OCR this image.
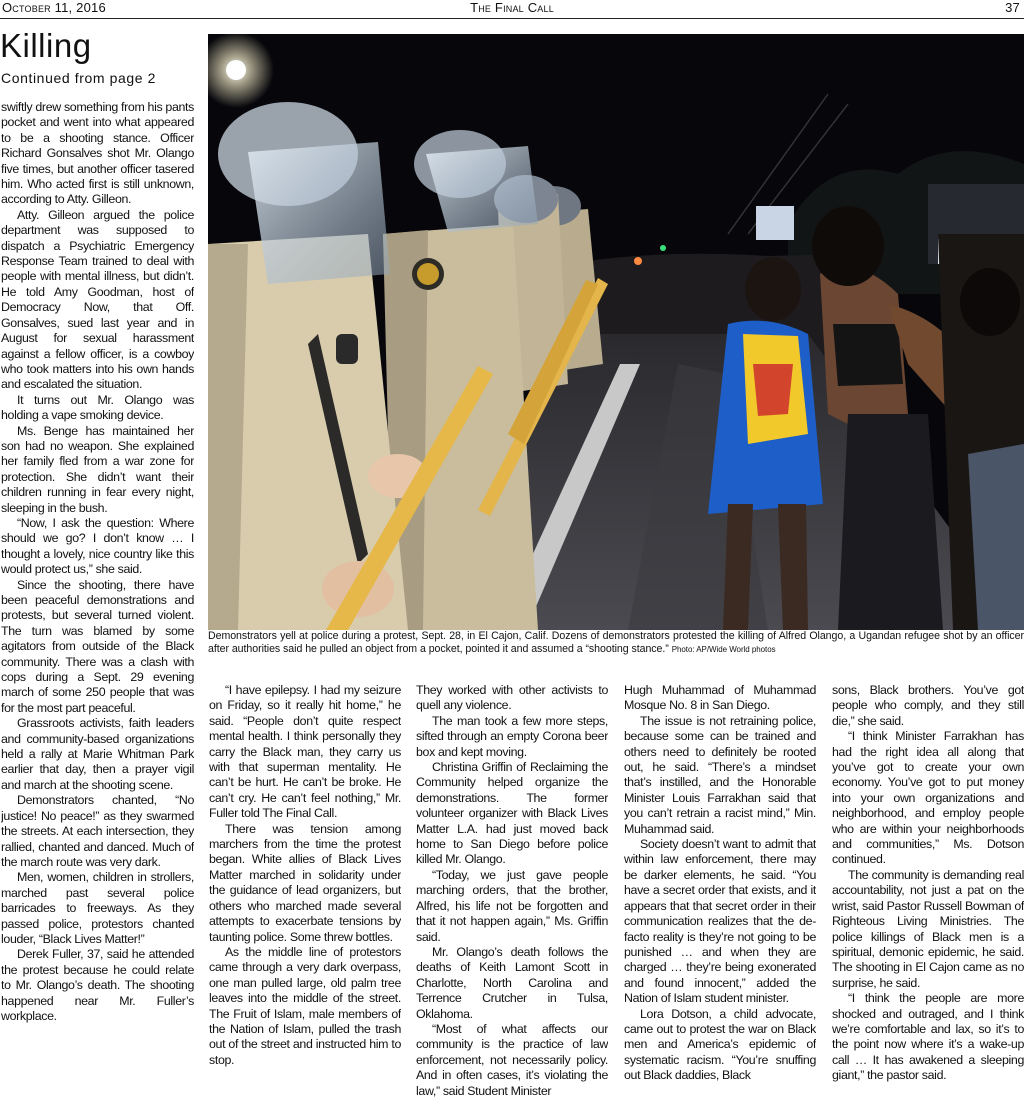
October 11, 2016	The Final Call	37
Killing
Continued from page 2

swiftly drew something from his pants pocket and went into what appeared to be a shooting stance. Officer Richard Gonsalves shot Mr. Olango five times, but another officer tasered him. Who acted first is still unknown, according to Atty. Gilleon.

Atty. Gilleon argued the police department was supposed to dispatch a Psychiatric Emergency Response Team trained to deal with people with mental illness, but didn’t. He told Amy Goodman, host of Democracy Now, that Off. Gonsalves, sued last year and in August for sexual harassment against a fellow officer, is a cowboy who took matters into his own hands and escalated the situation.

It turns out Mr. Olango was holding a vape smoking device.

Ms. Benge has maintained her son had no weapon. She explained her family fled from a war zone for protection. She didn’t want their children running in fear every night, sleeping in the bush.

“Now, I ask the question: Where should we go? I don’t know … I thought a lovely, nice country like this would protect us,” she said.

Since the shooting, there have been peaceful demonstrations and protests, but several turned violent. The turn was blamed by some agitators from outside of the Black community. There was a clash with cops during a Sept. 29 evening march of some 250 people that was for the most part peaceful.

Grassroots activists, faith leaders and community-based organizations held a rally at Marie Whitman Park earlier that day, then a prayer vigil and march at the shooting scene.

Demonstrators chanted, “No justice! No peace!” as they swarmed the streets. At each intersection, they rallied, chanted and danced. Much of the march route was very dark.

Men, women, children in strollers, marched past several police barricades to freeways. As they passed police, protestors chanted louder, “Black Lives Matter!”

Derek Fuller, 37, said he attended the protest because he could relate to Mr. Olango’s death. The shooting happened near Mr. Fuller’s workplace.

Demonstrators yell at police during a protest, Sept. 28, in El Cajon, Calif. Dozens of demonstrators protested the killing of Alfred Olango, a Ugandan refugee shot by an officer after authorities said he pulled an object from a pocket, pointed it and assumed a “shooting stance.” Photo: AP/Wide World photos

“I have epilepsy. I had my seizure on Friday, so it really hit home,” he said. “People don’t quite respect mental health. I think personally they carry the Black man, they carry us with that superman mentality. He can’t be hurt. He can’t be broke. He can’t cry. He can’t feel nothing,” Mr. Fuller told The Final Call.

There was tension among marchers from the time the protest began. White allies of Black Lives Matter marched in solidarity under the guidance of lead organizers, but others who marched made several attempts to exacerbate tensions by taunting police. Some threw bottles.

As the middle line of protestors came through a very dark overpass, one man pulled large, old palm tree leaves into the middle of the street. The Fruit of Islam, male members of the Nation of Islam, pulled the trash out of the street and instructed him to stop.

They worked with other activists to quell any violence.

The man took a few more steps, sifted through an empty Corona beer box and kept moving.

Christina Griffin of Reclaiming the Community helped organize the demonstrations. The former volunteer organizer with Black Lives Matter L.A. had just moved back home to San Diego before police killed Mr. Olango.

“Today, we just gave people marching orders, that the brother, Alfred, his life not be forgotten and that it not happen again,” Ms. Griffin said.

Mr. Olango’s death follows the deaths of Keith Lamont Scott in Charlotte, North Carolina and Terrence Crutcher in Tulsa, Oklahoma.

“Most of what affects our community is the practice of law enforcement, not necessarily policy. And in often cases, it’s violating the law,” said Student Minister

Hugh Muhammad of Muhammad Mosque No. 8 in San Diego.

The issue is not retraining police, because some can be trained and others need to definitely be rooted out, he said. “There’s a mindset that’s instilled, and the Honorable Minister Louis Farrakhan said that you can’t retrain a racist mind,” Min. Muhammad said.

Society doesn’t want to admit that within law enforcement, there may be darker elements, he said. “You have a secret order that exists, and it appears that that secret order in their communication realizes that the de-facto reality is they’re not going to be punished … and when they are charged … they’re being exonerated and found innocent,” added the Nation of Islam student minister.

Lora Dotson, a child advocate, came out to protest the war on Black men and America’s epidemic of systematic racism. “You’re snuffing out Black daddies, Black

sons, Black brothers. You’ve got people who comply, and they still die,” she said.

“I think Minister Farrakhan has had the right idea all along that you’ve got to create your own economy. You’ve got to put money into your own organizations and neighborhood, and employ people who are within your neighborhoods and communities,” Ms. Dotson continued.

The community is demanding real accountability, not just a pat on the wrist, said Pastor Russell Bowman of Righteous Living Ministries. The police killings of Black men is a spiritual, demonic epidemic, he said. The shooting in El Cajon came as no surprise, he said.

“I think the people are more shocked and outraged, and I think we’re comfortable and lax, so it’s to the point now where it’s a wake-up call … It has awakened a sleeping giant,” the pastor said.
